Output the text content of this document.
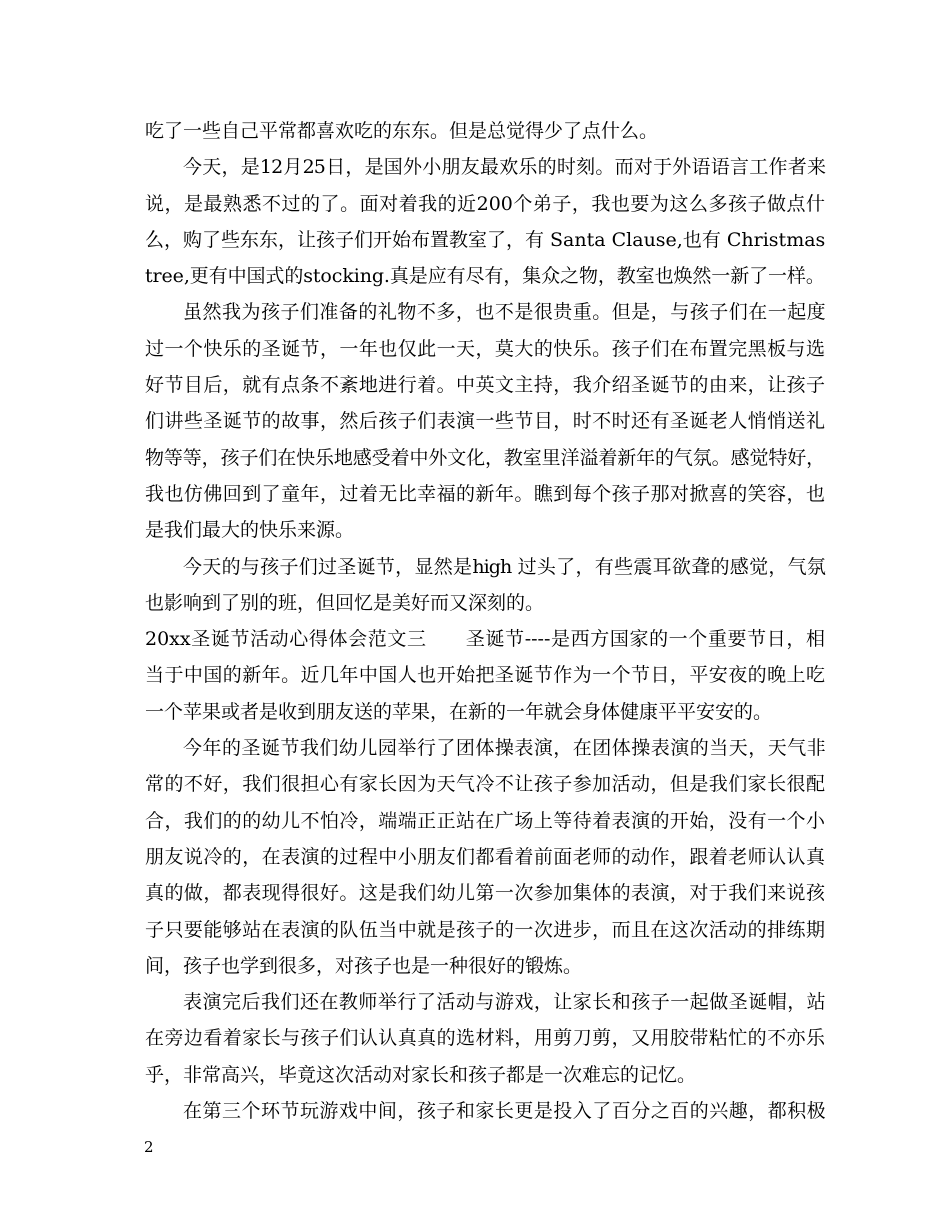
吃了一些自己平常都喜欢吃的东东。但是总觉得少了点什么。
今天，是12月25日，是国外小朋友最欢乐的时刻。而对于外语语言工作者来
说，是最熟悉不过的了。面对着我的近200个弟子，我也要为这么多孩子做点什
么，购了些东东，让孩子们开始布置教室了，有 Santa Clause,也有 Christmas
tree,更有中国式的stocking.真是应有尽有，集众之物，教室也焕然一新了一样。
虽然我为孩子们准备的礼物不多，也不是很贵重。但是，与孩子们在一起度
过一个快乐的圣诞节，一年也仅此一天，莫大的快乐。孩子们在布置完黑板与选
好节目后，就有点条不紊地进行着。中英文主持，我介绍圣诞节的由来，让孩子
们讲些圣诞节的故事，然后孩子们表演一些节目，时不时还有圣诞老人悄悄送礼
物等等，孩子们在快乐地感受着中外文化，教室里洋溢着新年的气氛。感觉特好，
我也仿佛回到了童年，过着无比幸福的新年。瞧到每个孩子那对掀喜的笑容，也
是我们最大的快乐来源。
今天的与孩子们过圣诞节，显然是high 过头了，有些震耳欲聋的感觉，气氛
也影响到了别的班，但回忆是美好而又深刻的。
20xx圣诞节活动心得体会范文三　　圣诞节----是西方国家的一个重要节日，相
当于中国的新年。近几年中国人也开始把圣诞节作为一个节日，平安夜的晚上吃
一个苹果或者是收到朋友送的苹果，在新的一年就会身体健康平平安安的。
今年的圣诞节我们幼儿园举行了团体操表演，在团体操表演的当天，天气非
常的不好，我们很担心有家长因为天气冷不让孩子参加活动，但是我们家长很配
合，我们的的幼儿不怕冷，端端正正站在广场上等待着表演的开始，没有一个小
朋友说冷的，在表演的过程中小朋友们都看着前面老师的动作，跟着老师认认真
真的做，都表现得很好。这是我们幼儿第一次参加集体的表演，对于我们来说孩
子只要能够站在表演的队伍当中就是孩子的一次进步，而且在这次活动的排练期
间，孩子也学到很多，对孩子也是一种很好的锻炼。
表演完后我们还在教师举行了活动与游戏，让家长和孩子一起做圣诞帽，站
在旁边看着家长与孩子们认认真真的选材料，用剪刀剪，又用胶带粘忙的不亦乐
乎，非常高兴，毕竟这次活动对家长和孩子都是一次难忘的记忆。
在第三个环节玩游戏中间，孩子和家长更是投入了百分之百的兴趣，都积极
2
